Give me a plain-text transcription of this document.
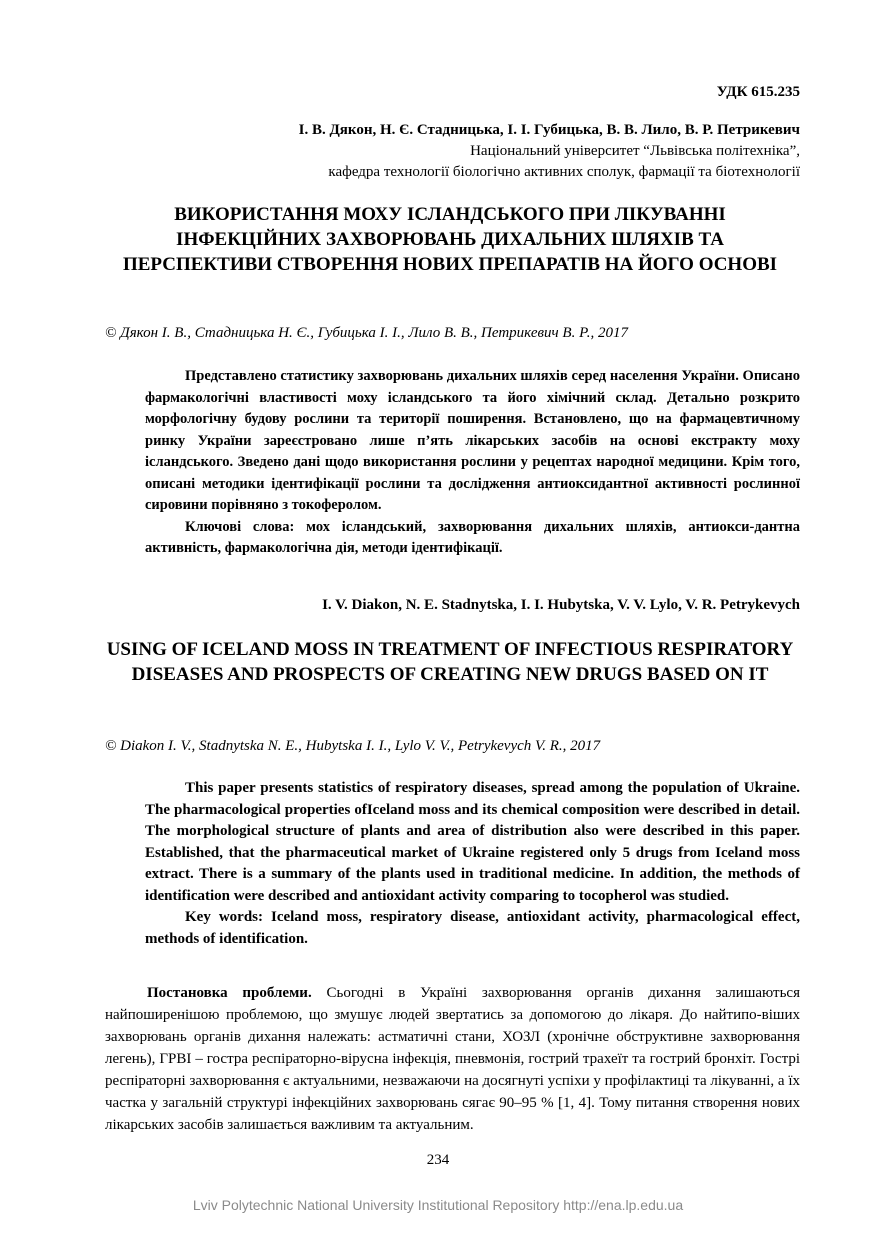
УДК 615.235

І. В. Дякон, Н. Є. Стадницька, І. І. Губицька, В. В. Лило, В. Р. Петрикевич

Національний університет “Львівська політехніка”,

кафедра технології біологічно активних сполук, фармації та біотехнології

ВИКОРИСТАННЯ МОХУ ІСЛАНДСЬКОГО ПРИ ЛІКУВАННІ ІНФЕКЦІЙНИХ ЗАХВОРЮВАНЬ ДИХАЛЬНИХ ШЛЯХІВ ТА ПЕРСПЕКТИВИ СТВОРЕННЯ НОВИХ ПРЕПАРАТІВ НА ЙОГО ОСНОВІ
© Дякон І. В., Стадницька Н. Є., Губицька І. І., Лило В. В., Петрикевич В. Р., 2017

Представлено статистику захворювань дихальних шляхів серед населення України. Описано фармакологічні властивості моху ісландського та його хімічний склад. Детально розкрито морфологічну будову рослини та території поширення. Встановлено, що на фармацевтичному ринку України зареєстровано лише п’ять лікарських засобів на основі екстракту моху ісландського. Зведено дані щодо використання рослини у рецептах народної медицини. Крім того, описані методики ідентифікації рослини та дослідження антиоксидантної активності рослинної сировини порівняно з токоферолом.

Ключові слова: мох ісландський, захворювання дихальних шляхів, антиокси-дантна активність, фармакологічна дія, методи ідентифікації.

I. V. Diakon, N. E. Stadnytska, I. I. Hubytska, V. V. Lylo, V. R. Petrykevych
USING OF ICELAND MOSS IN TREATMENT OF INFECTIOUS RESPIRATORY DISEASES AND PROSPECTS OF CREATING NEW DRUGS BASED ON IT
© Diakon I. V., Stadnytska N. E., Hubytska I. I., Lylo V. V., Petrykevych V. R., 2017

This paper presents statistics of respiratory diseases, spread among the population of Ukraine. The pharmacological properties ofIceland moss and its chemical composition were described in detail. The morphological structure of plants and area of distribution also were described in this paper. Established, that the pharmaceutical market of Ukraine registered only 5 drugs from Iceland moss extract. There is a summary of the plants used in traditional medicine. In addition, the methods of identification were described and antioxidant activity comparing to tocopherol was studied.

Key words: Iceland moss, respiratory disease, antioxidant activity, pharmacological effect, methods of identification.

Постановка проблеми. Сьогодні в Україні захворювання органів дихання залишаються найпоширенішою проблемою, що змушує людей звертатись за допомогою до лікаря. До найтипо-віших захворювань органів дихання належать: астматичні стани, ХОЗЛ (хронічне обструктивне захворювання легень), ГРВІ – гостра респіраторно-вірусна інфекція, пневмонія, гострий трахеїт та гострий бронхіт. Гострі респіраторні захворювання є актуальними, незважаючи на досягнуті успіхи у профілактиці та лікуванні, а їх частка у загальній структурі інфекційних захворювань сягає 90–95 % [1, 4]. Тому питання створення нових лікарських засобів залишається важливим та актуальним.

234
Lviv Polytechnic National University Institutional Repository http://ena.lp.edu.ua
